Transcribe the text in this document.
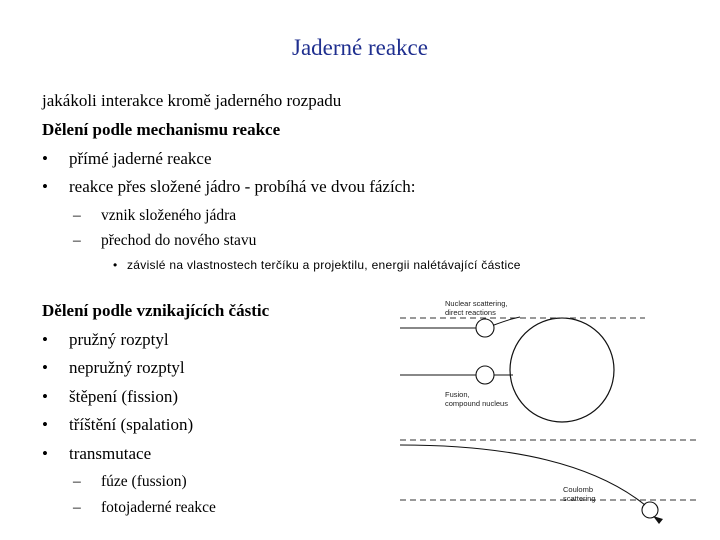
Jaderné reakce
jakákoli interakce kromě jaderného rozpadu
Dělení podle mechanismu reakce
• přímé jaderné reakce
• reakce přes složené jádro - probíhá ve dvou fázích:
– vznik složeného jádra
– přechod do nového stavu
• závislé na vlastnostech terčíku a projektilu, energii nalétávající částice
Dělení podle vznikajících částic
• pružný rozptyl
• nepružný rozptyl
• štěpení (fission)
• tříštění (spalation)
• transmutace
– fúze (fussion)
– fotojaderné reakce
Nuclear scattering,
direct reactions
Fusion,
compound nucleus
Coulomb
scattering
